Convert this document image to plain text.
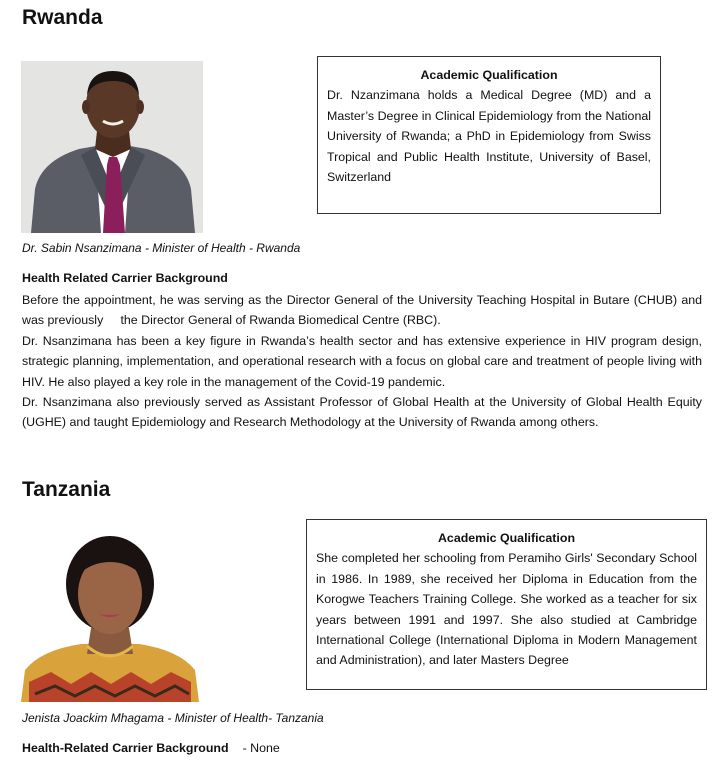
Rwanda
Academic Qualification
Dr. Nzanzimana holds a Medical Degree (MD) and a Master’s Degree in Clinical Epidemiology from the National University of Rwanda; a PhD in Epidemiology from Swiss Tropical and Public Health Institute, University of Basel, Switzerland
Dr. Sabin Nsanzimana - Minister of Health - Rwanda
Health Related Carrier Background

Before the appointment, he was serving as the Director General of the University Teaching Hospital in Butare (CHUB) and was previously     the Director General of Rwanda Biomedical Centre (RBC).

Dr. Nsanzimana has been a key figure in Rwanda’s health sector and has extensive experience in HIV program design, strategic planning, implementation, and operational research with a focus on global care and treatment of people living with HIV. He also played a key role in the management of the Covid-19 pandemic.

Dr. Nsanzimana also previously served as Assistant Professor of Global Health at the University of Global Health Equity (UGHE) and taught Epidemiology and Research Methodology at the University of Rwanda among others.

Tanzania
Academic Qualification
She completed her schooling from Peramiho Girls' Secondary School in 1986. In 1989, she received her Diploma in Education from the Korogwe Teachers Training College. She worked as a teacher for six years between 1991 and 1997. She also studied at Cambridge International College (International Diploma in Modern Management and Administration), and later Masters Degree
Jenista Joackim Mhagama - Minister of Health- Tanzania
Health-Related Carrier Background - None
